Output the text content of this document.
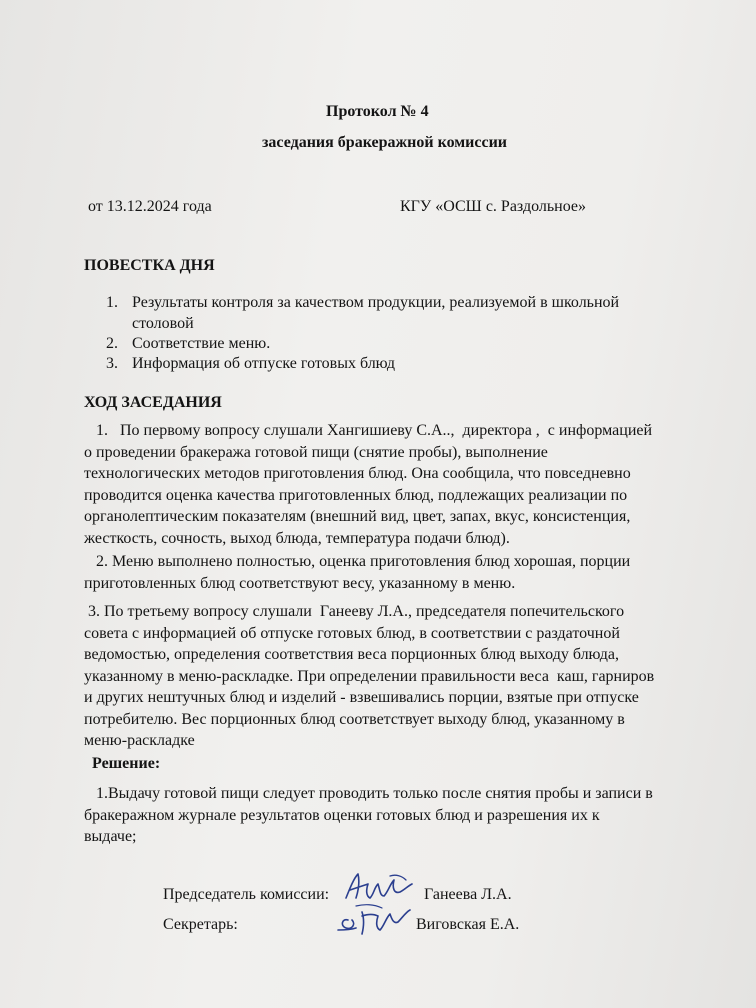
Протокол № 4
заседания бракеражной комиссии
от 13.12.2024 года	КГУ «ОСШ с. Раздольное»
ПОВЕСТКА ДНЯ
1. Результаты контроля за качеством продукции, реализуемой в школьной
столовой
2. Соответствие меню.
3. Информация об отпуске готовых блюд
ХОД ЗАСЕДАНИЯ
1.   По первому вопросу слушали Хангишиеву С.А..,  директора ,  с информацией
о проведении бракеража готовой пищи (снятие пробы), выполнение
технологических методов приготовления блюд. Она сообщила, что повседневно
проводится оценка качества приготовленных блюд, подлежащих реализации по
органолептическим показателям (внешний вид, цвет, запах, вкус, консистенция,
жесткость, сочность, выход блюда, температура подачи блюд).
2. Меню выполнено полностью, оценка приготовления блюд хорошая, порции
приготовленных блюд соответствуют весу, указанному в меню.
3. По третьему вопросу слушали  Ганееву Л.А., председателя попечительского
совета с информацией об отпуске готовых блюд, в соответствии с раздаточной
ведомостью, определения соответствия веса порционных блюд выходу блюда,
указанному в меню-раскладке. При определении правильности веса  каш, гарниров
и других нештучных блюд и изделий - взвешивались порции, взятые при отпуске
потребителю. Вес порционных блюд соответствует выходу блюд, указанному в
меню-раскладке
Решение:
1.Выдачу готовой пищи следует проводить только после снятия пробы и записи в
бракеражном журнале результатов оценки готовых блюд и разрешения их к
выдаче;
Председатель комиссии:	Ганеева Л.А.
Секретарь:	Виговская Е.А.
